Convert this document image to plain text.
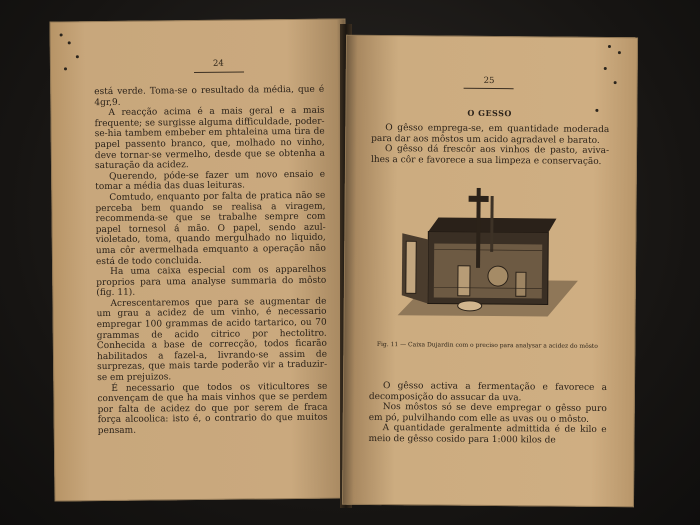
24

está verde. Toma-se o resultado da média, que é 4gr,9.

A reacção acima é a mais geral e a mais frequente; se surgisse alguma difficuldade, poder-se-hia tambem embeber em phtaleina uma tira de papel passento branco, que, molhado no vinho, deve tornar-se vermelho, desde que se obtenha a saturação da acidez.

Querendo, póde-se fazer um novo ensaio e tomar a média das duas leituras.

Comtudo, enquanto por falta de pratica não se perceba bem quando se realisa a viragem, recommenda-se que se trabalhe sempre com papel tornesol á mão. O papel, sendo azul-violetado, toma, quando mergulhado no liquido, uma côr avermelhada emquanto a operação não está de todo concluida.

Ha uma caixa especial com os apparelhos proprios para uma analyse summaria do môsto (fig. 11).

Acrescentaremos que para se augmentar de um grau a acidez de um vinho, é necessario empregar 100 grammas de acido tartarico, ou 70 grammas de acido citrico por hectolitro. Conhecida a base de correcção, todos ficarão habilitados a fazel-a, livrando-se assim de surprezas, que mais tarde poderão vir a traduzir-se em prejuizos.

É necessario que todos os viticultores se convençam de que ha mais vinhos que se perdem por falta de acidez do que por serem de fraca força alcoolica: isto é, o contrario do que muitos pensam.

25
O GESSO

O gêsso emprega-se, em quantidade moderada para dar aos môstos um acido agradavel e barato.

O gêsso dá frescôr aos vinhos de pasto, aviva-lhes a côr e favorece a sua limpeza e conservação.

Fig. 11 — Caixa Dujardin com o preciso para analysar a acidez do môsto

O gêsso activa a fermentação e favorece a decomposição do assucar da uva.

Nos môstos só se deve empregar o gêsso puro em pó, pulvilhando com elle as uvas ou o môsto.

A quantidade geralmente admittida é de kilo e meio de gêsso cosido para 1:000 kilos de
